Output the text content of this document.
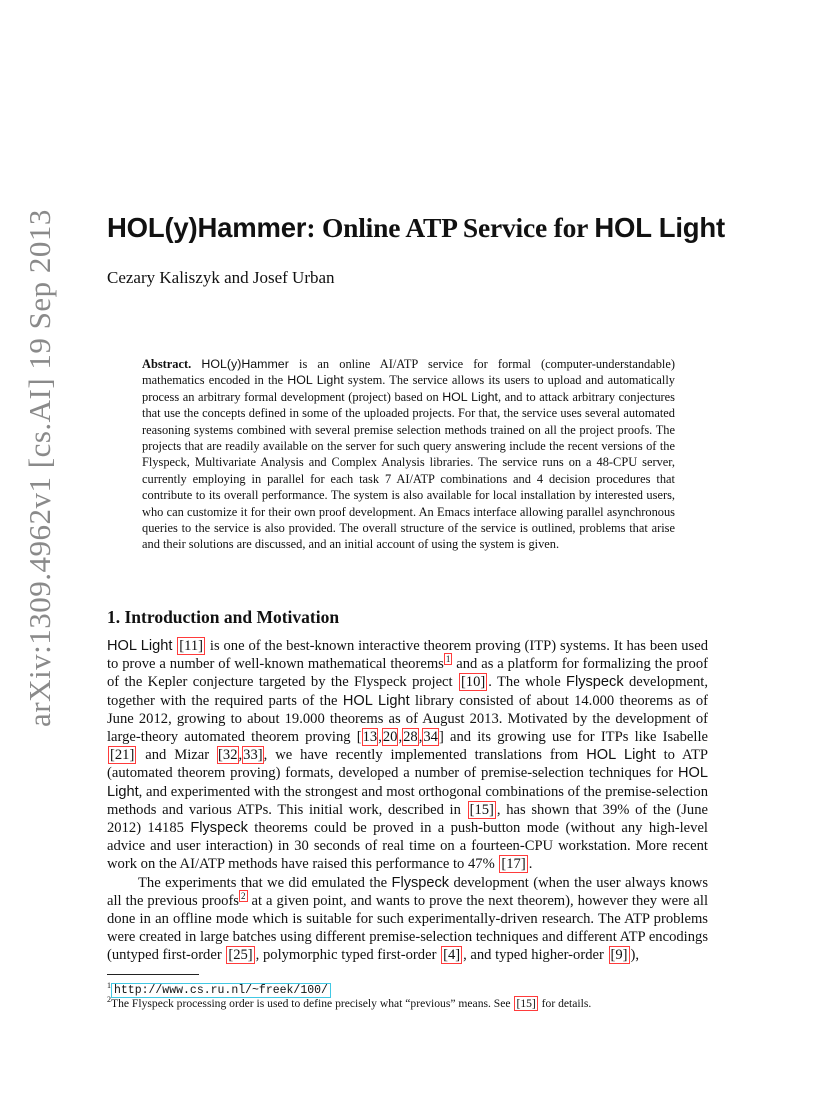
arXiv:1309.4962v1 [cs.AI] 19 Sep 2013 HOL(y)Hammer: Online ATP Service for HOL Light
Cezary Kaliszyk and Josef Urban
Abstract. HOL(y)Hammer is an online AI/ATP service for formal (computer-understandable) mathematics encoded in the HOL Light system. The service allows its users to upload and automatically process an arbitrary formal development (project) based on HOL Light, and to attack arbitrary conjectures that use the concepts defined in some of the uploaded projects. For that, the service uses several automated reasoning systems combined with several premise selection methods trained on all the project proofs. The projects that are readily available on the server for such query answering include the recent versions of the Flyspeck, Multivariate Analysis and Complex Analysis libraries. The service runs on a 48-CPU server, currently employing in parallel for each task 7 AI/ATP combinations and 4 decision procedures that contribute to its overall performance. The system is also available for local installation by interested users, who can customize it for their own proof development. An Emacs interface allowing parallel asynchronous queries to the service is also provided. The overall structure of the service is outlined, problems that arise and their solutions are discussed, and an initial account of using the system is given.
1. Introduction and Motivation

HOL Light [11] is one of the best-known interactive theorem proving (ITP) systems. It has been used to prove a number of well-known mathematical theorems $^1$ and as a platform for formalizing the proof of the Kepler conjecture targeted by the Flyspeck project [10] . The whole Flyspeck development, together with the required parts of the HOL Light library consisted of about 14.000 theorems as of June 2012, growing to about 19.000 theorems as of August 2013. Motivated by the development of large-theory automated theorem proving [13,20,28,34] and its growing use for ITPs like Isabelle [21] and Mizar [32,33], we have recently implemented translations from HOL Light to ATP (automated theorem proving) formats, developed a number of premise-selection techniques for HOL Light, and experimented with the strongest and most orthogonal combinations of the premise-selection methods and various ATPs. This initial work, described in [15] , has shown that 39% of the (June 2012) 14185 Flyspeck theorems could be proved in a push-button mode (without any high-level advice and user interaction) in 30 seconds of real time on a fourteen-CPU workstation. More recent work on the AI/ATP methods have raised this performance to 47% [17] .

The experiments that we did emulated the Flyspeck development (when the user always knows all the previous proofs $^2$ at a given point, and wants to prove the next theorem), however they were all done in an offline mode which is suitable for such experimentally-driven research. The ATP problems were created in large batches using different premise-selection techniques and different ATP encodings (untyped first-order [25] , polymorphic typed first-order [4] , and typed higher-order [9] ),

$^1$ http://www.cs.ru.nl/~freek/100/
$^2$The Flyspeck processing order is used to define precisely what “previous” means. See [15] for details.
